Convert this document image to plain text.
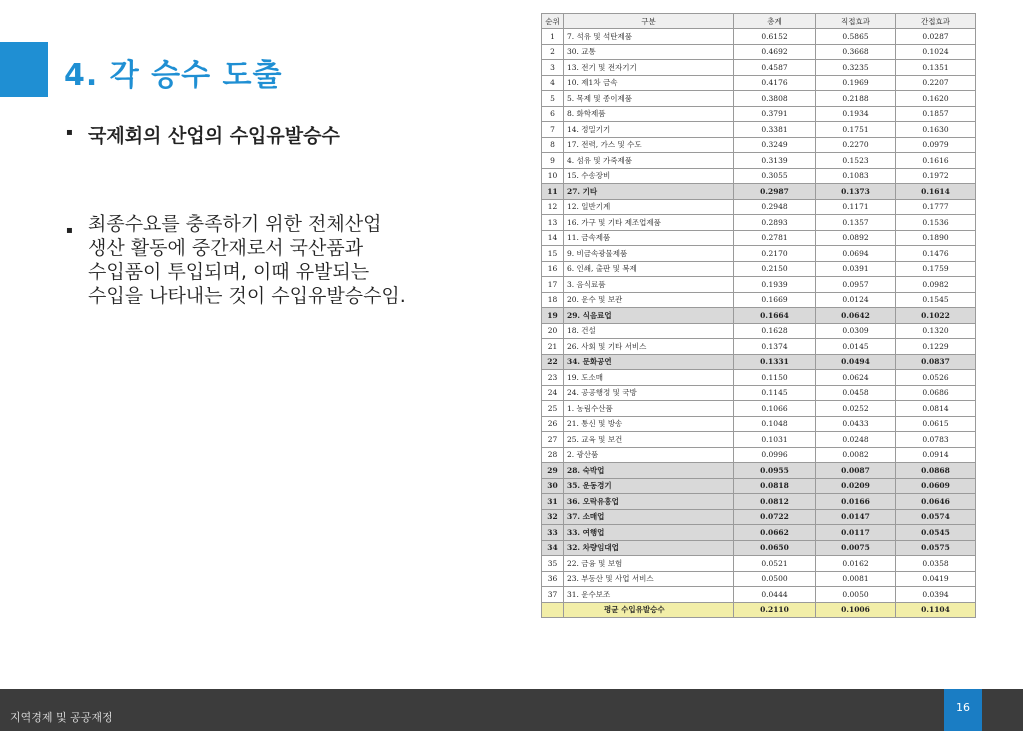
4. 각 승수 도출
▪ 국제회의 산업의 수입유발승수
▪ 최종수요를 충족하기 위한 전체산업
생산 활동에 중간재로서 국산품과
수입품이 투입되며, 이때 유발되는
수입을 나타내는 것이 수입유발승수임.
순위	구분	총계	직접효과	간접효과
1	7. 석유 및 석탄제품	0.6152	0.5865	0.0287
2	30. 교통	0.4692	0.3668	0.1024
3	13. 전기 및 전자기기	0.4587	0.3235	0.1351
4	10. 제1차 금속	0.4176	0.1969	0.2207
5	5. 목제 및 종이제품	0.3808	0.2188	0.1620
6	8. 화학제품	0.3791	0.1934	0.1857
7	14. 정밀기기	0.3381	0.1751	0.1630
8	17. 전력, 가스 및 수도	0.3249	0.2270	0.0979
9	4. 섬유 및 가죽제품	0.3139	0.1523	0.1616
10	15. 수송장비	0.3055	0.1083	0.1972
11	27. 기타	0.2987	0.1373	0.1614
12	12. 일반기계	0.2948	0.1171	0.1777
13	16. 가구 및 기타 제조업제품	0.2893	0.1357	0.1536
14	11. 금속제품	0.2781	0.0892	0.1890
15	9. 비금속광물제품	0.2170	0.0694	0.1476
16	6. 인쇄, 출판 및 복제	0.2150	0.0391	0.1759
17	3. 음식료품	0.1939	0.0957	0.0982
18	20. 운수 및 보관	0.1669	0.0124	0.1545
19	29. 식음료업	0.1664	0.0642	0.1022
20	18. 건설	0.1628	0.0309	0.1320
21	26. 사회 및 기타 서비스	0.1374	0.0145	0.1229
22	34. 문화공연	0.1331	0.0494	0.0837
23	19. 도소매	0.1150	0.0624	0.0526
24	24. 공공행정 및 국방	0.1145	0.0458	0.0686
25	1. 농림수산품	0.1066	0.0252	0.0814
26	21. 통신 및 방송	0.1048	0.0433	0.0615
27	25. 교육 및 보건	0.1031	0.0248	0.0783
28	2. 광산품	0.0996	0.0082	0.0914
29	28. 숙박업	0.0955	0.0087	0.0868
30	35. 운동경기	0.0818	0.0209	0.0609
31	36. 오락유흥업	0.0812	0.0166	0.0646
32	37. 소매업	0.0722	0.0147	0.0574
33	33. 여행업	0.0662	0.0117	0.0545
34	32. 차량임대업	0.0650	0.0075	0.0575
35	22. 금융 및 보험	0.0521	0.0162	0.0358
36	23. 부동산 및 사업 서비스	0.0500	0.0081	0.0419
37	31. 운수보조	0.0444	0.0050	0.0394
	평균 수입유발승수	0.2110	0.1006	0.1104
지역경제 및 공공재정
16
